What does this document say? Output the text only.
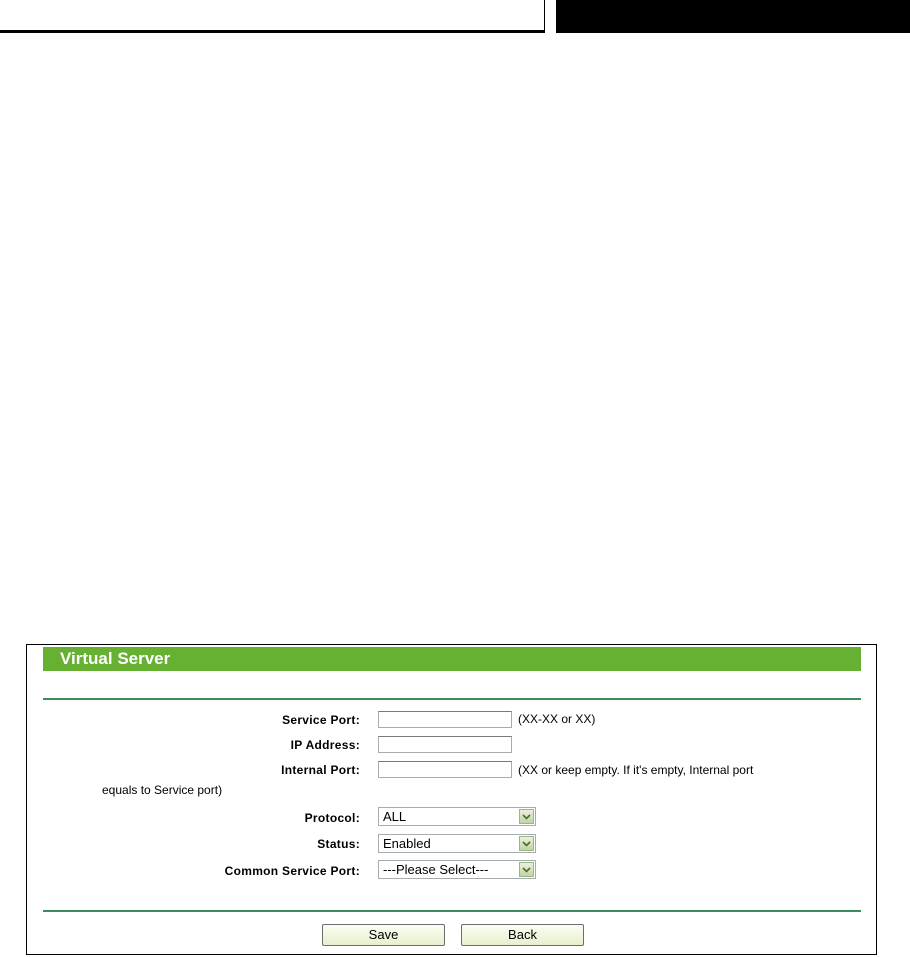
Virtual Server
Service Port:	(XX-XX or XX)
IP Address:
Internal Port:	(XX or keep empty. If it's empty, Internal port
equals to Service port)
Protocol:	ALL
Status:	Enabled
Common Service Port:	---Please Select---
Save	Back
